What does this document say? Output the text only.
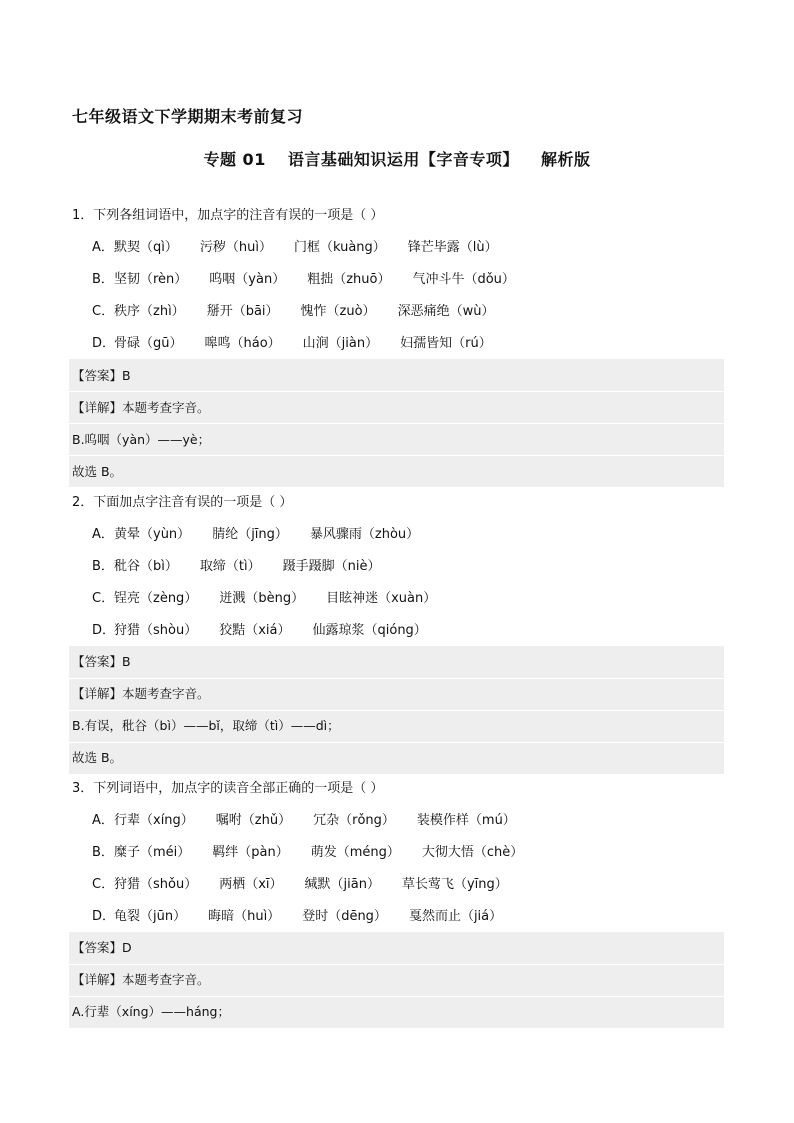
七年级语文下学期期末考前复习
专题 01 语言基础知识运用【字音专项】 解析版
1．下列各组词语中，加点字的注音有误的一项是（ ）
A．默契（qì） 污秽（huì） 门框（kuàng） 锋芒毕露（lù）
B．坚韧（rèn） 呜咽（yàn） 粗拙（zhuō） 气冲斗牛（dǒu）
C．秩序（zhì） 掰开（bāi） 愧怍（zuò） 深恶痛绝（wù）
D．骨碌（gū） 嗥鸣（háo） 山涧（jiàn） 妇孺皆知（rú）
【答案】B
【详解】本题考查字音。
B.呜咽（yàn）——yè；
故选 B。
2．下面加点字注音有误的一项是（ ）
A．黄晕（yùn） 腈纶（jīng） 暴风骤雨（zhòu）
B．秕谷（bì） 取缔（tì） 蹑手蹑脚（niè）
C．锃亮（zèng） 迸溅（bèng） 目眩神迷（xuàn）
D．狩猎（shòu） 狡黠（xiá） 仙露琼浆（qióng）
【答案】B
【详解】本题考查字音。
B.有误，秕谷（bì）——bǐ，取缔（tì）——dì；
故选 B。
3．下列词语中，加点字的读音全部正确的一项是（ ）
A．行辈（xíng） 嘱咐（zhǔ） 冗杂（rǒng） 装模作样（mú）
B．糜子（méi） 羁绊（pàn） 萌发（méng） 大彻大悟（chè）
C．狩猎（shǒu） 两栖（xī） 缄默（jiān） 草长莺飞（yīng）
D．龟裂（jūn） 晦暗（huì） 登时（dēng） 戛然而止（jiá）
【答案】D
【详解】本题考查字音。
A.行辈（xíng）——háng；
